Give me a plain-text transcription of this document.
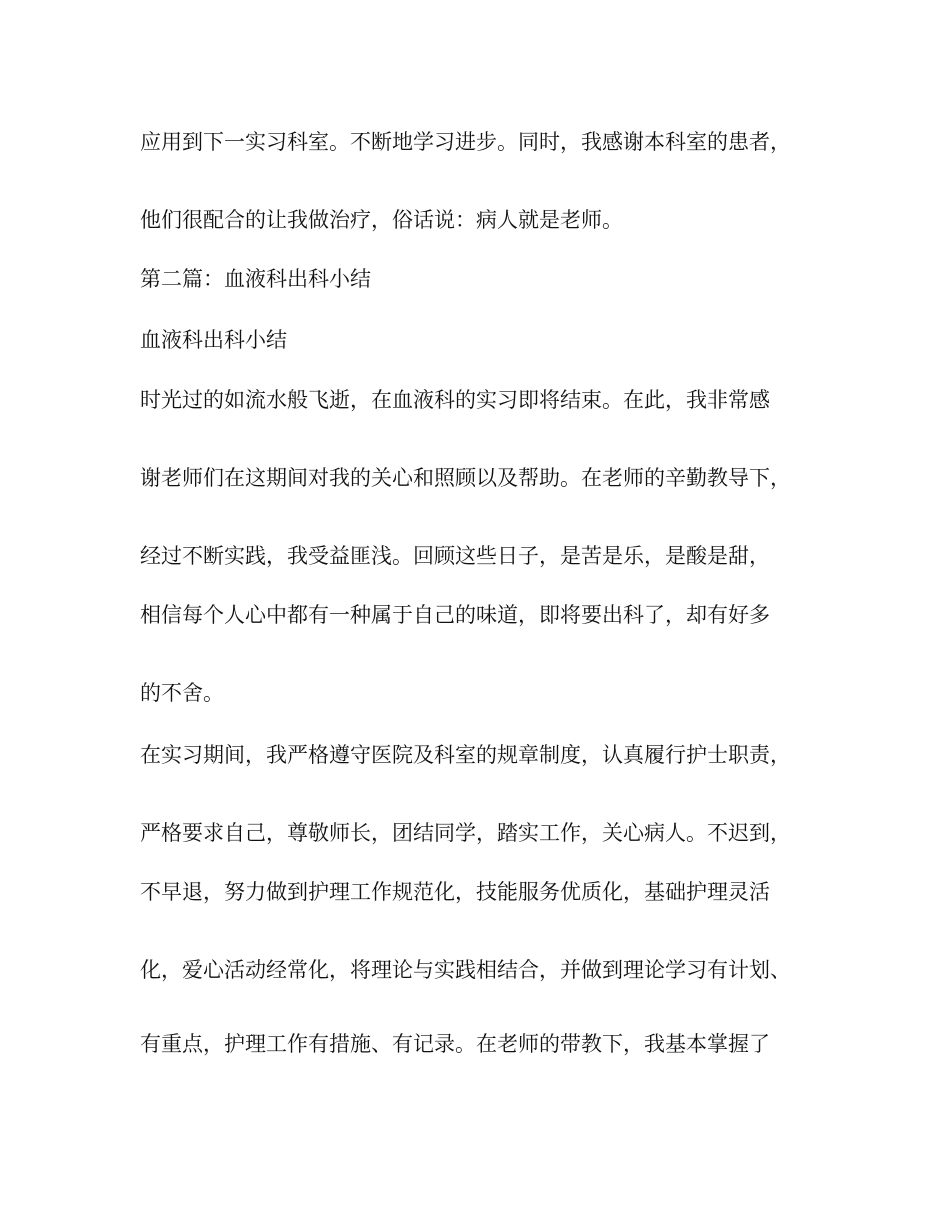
应用到下一实习科室。不断地学习进步。同时，我感谢本科室的患者，
他们很配合的让我做治疗，俗话说：病人就是老师。
第二篇：血液科出科小结
血液科出科小结
时光过的如流水般飞逝，在血液科的实习即将结束。在此，我非常感
谢老师们在这期间对我的关心和照顾以及帮助。在老师的辛勤教导下，
经过不断实践，我受益匪浅。回顾这些日子，是苦是乐，是酸是甜，
相信每个人心中都有一种属于自己的味道，即将要出科了，却有好多
的不舍。
在实习期间，我严格遵守医院及科室的规章制度，认真履行护士职责，
严格要求自己，尊敬师长，团结同学，踏实工作，关心病人。不迟到，
不早退，努力做到护理工作规范化，技能服务优质化，基础护理灵活
化，爱心活动经常化，将理论与实践相结合，并做到理论学习有计划、
有重点，护理工作有措施、有记录。在老师的带教下，我基本掌握了
